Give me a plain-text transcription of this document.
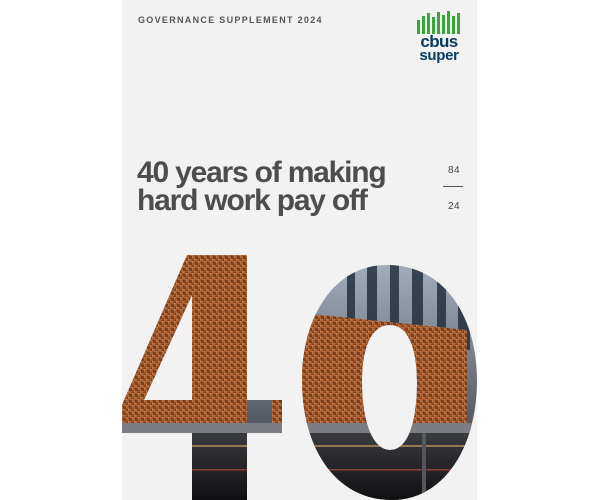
GOVERNANCE SUPPLEMENT 2024
cbus
super
40 years of making
hard work pay off
84
24
